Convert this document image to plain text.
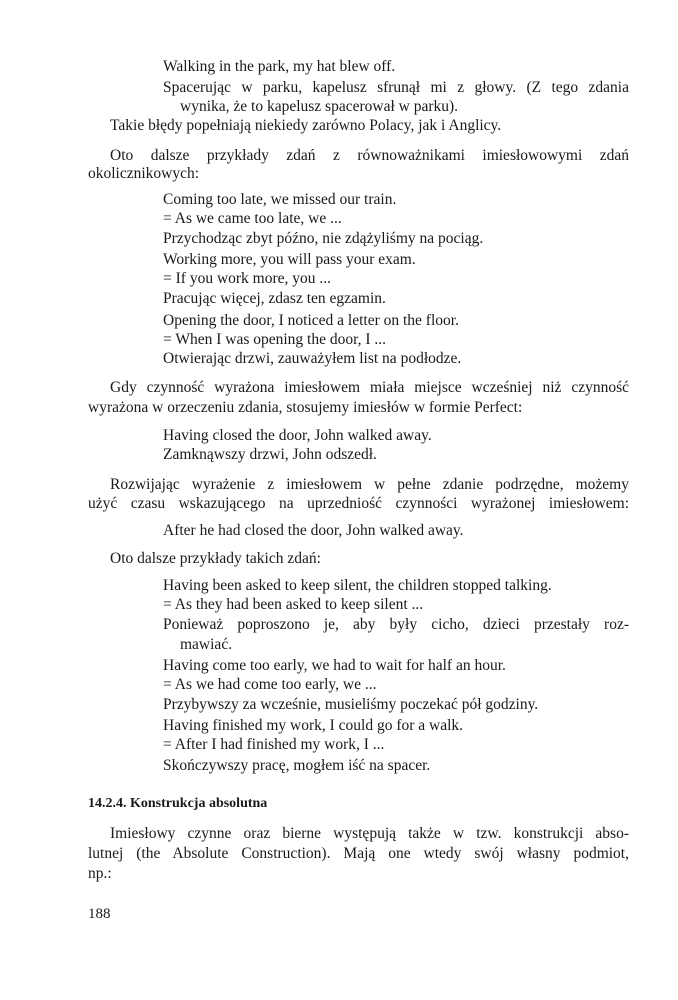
Walking in the park, my hat blew off.
Spacerując w parku, kapelusz sfrunął mi z głowy. (Z tego zdania
wynika, że to kapelusz spacerował w parku).
Takie błędy popełniają niekiedy zarówno Polacy, jak i Anglicy.
Oto dalsze przykłady zdań z równoważnikami imiesłowowymi zdań
okolicznikowych:
Coming too late, we missed our train.
= As we came too late, we ...
Przychodząc zbyt późno, nie zdążyliśmy na pociąg.
Working more, you will pass your exam.
= If you work more, you ...
Pracując więcej, zdasz ten egzamin.
Opening the door, I noticed a letter on the floor.
= When I was opening the door, I ...
Otwierając drzwi, zauważyłem list na podłodze.
Gdy czynność wyrażona imiesłowem miała miejsce wcześniej niż czynność
wyrażona w orzeczeniu zdania, stosujemy imiesłów w formie Perfect:
Having closed the door, John walked away.
Zamknąwszy drzwi, John odszedł.
Rozwijając wyrażenie z imiesłowem w pełne zdanie podrzędne, możemy
użyć czasu wskazującego na uprzedniość czynności wyrażonej imiesłowem:
After he had closed the door, John walked away.
Oto dalsze przykłady takich zdań:
Having been asked to keep silent, the children stopped talking.
= As they had been asked to keep silent ...
Ponieważ poproszono je, aby były cicho, dzieci przestały roz-
mawiać.
Having come too early, we had to wait for half an hour.
= As we had come too early, we ...
Przybywszy za wcześnie, musieliśmy poczekać pół godziny.
Having finished my work, I could go for a walk.
= After I had finished my work, I ...
Skończywszy pracę, mogłem iść na spacer.
14.2.4. Konstrukcja absolutna
Imiesłowy czynne oraz bierne występują także w tzw. konstrukcji abso-
lutnej (the Absolute Construction). Mają one wtedy swój własny podmiot,
np.:
188
